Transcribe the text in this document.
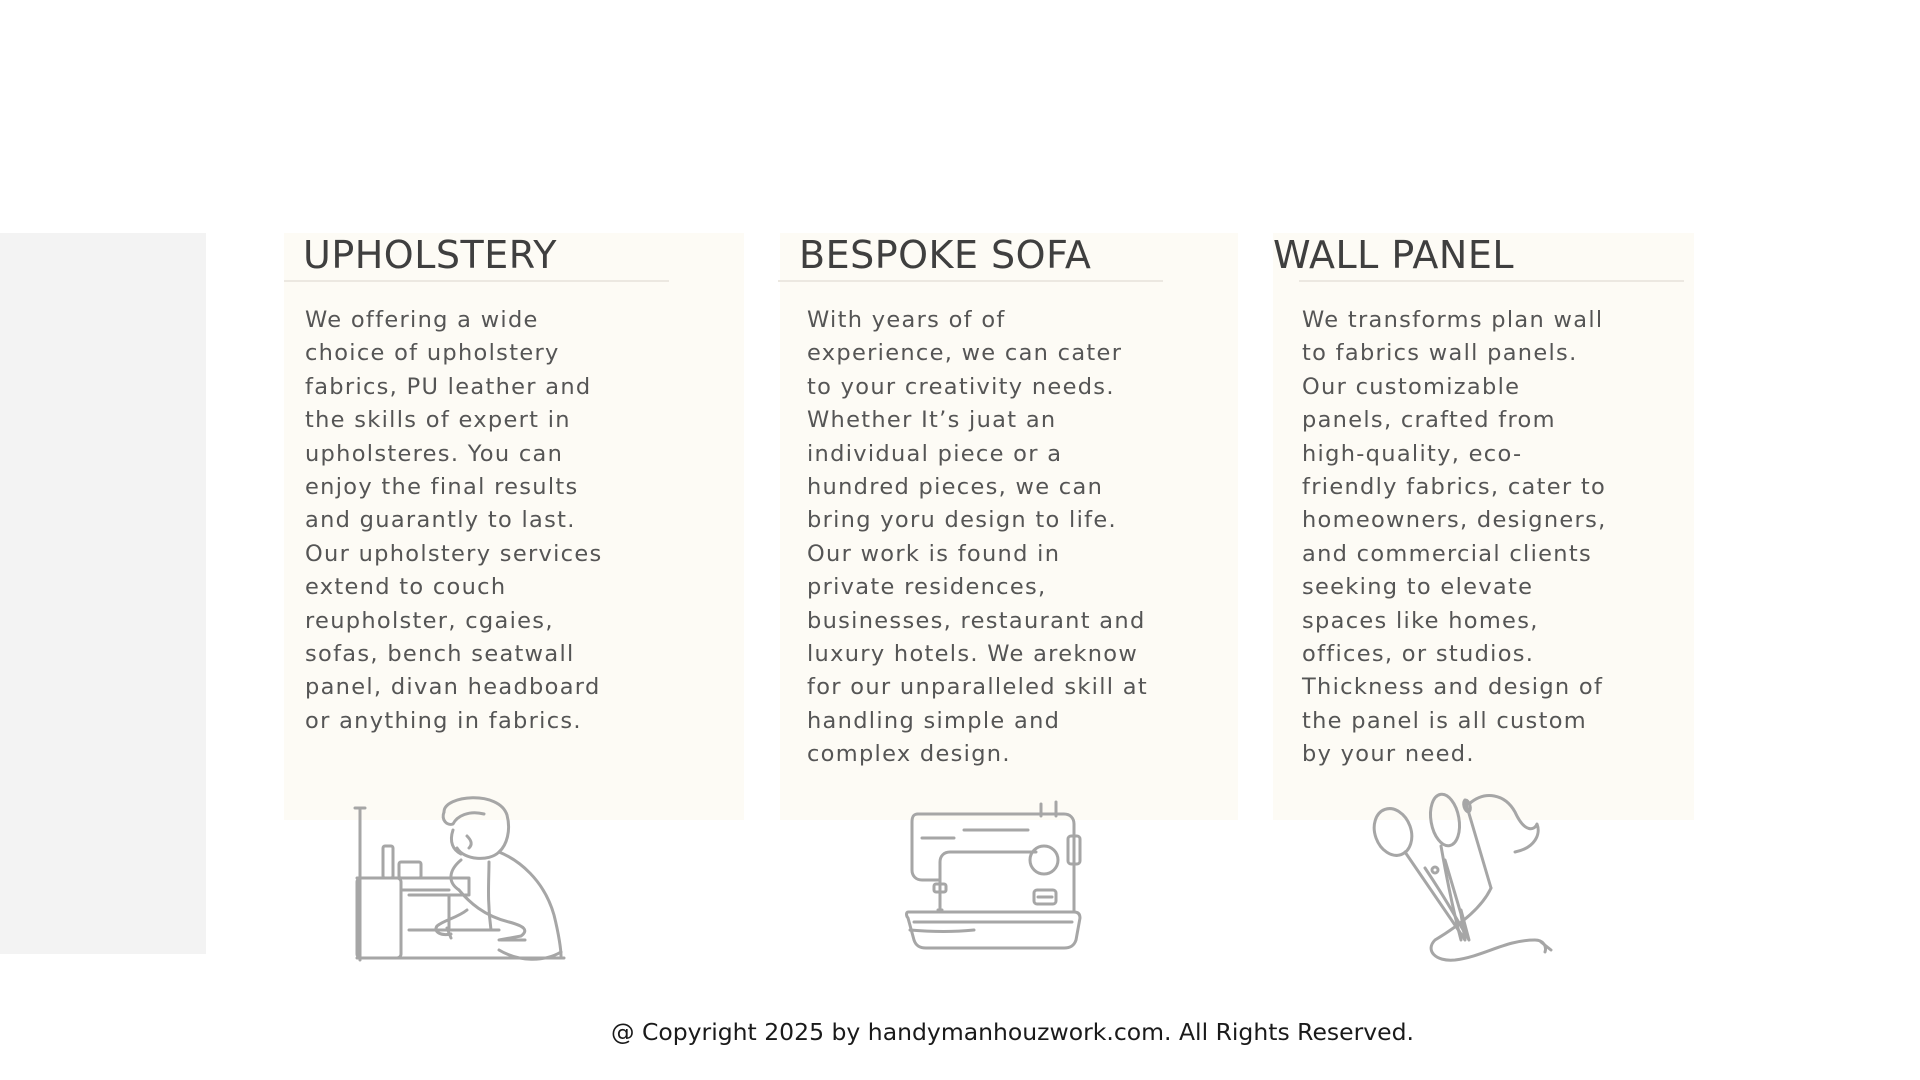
UPHOLSTERY

We offering a wide
choice of upholstery
fabrics, PU leather and
the skills of expert in
upholsteres. You can
enjoy the final results
and guarantly to last.
Our upholstery services
extend to couch
reupholster, cgaies,
sofas, bench seatwall
panel, divan headboard
or anything in fabrics.

BESPOKE SOFA

With years of of
experience, we can cater
to your creativity needs.
Whether It’s juat an
individual piece or a
hundred pieces, we can
bring yoru design to life.
Our work is found in
private residences,
businesses, restaurant and
luxury hotels. We areknow
for our unparalleled skill at
handling simple and
complex design.

WALL PANEL

We transforms plan wall
to fabrics wall panels.
Our customizable
panels, crafted from
high-quality, eco-
friendly fabrics, cater to
homeowners, designers,
and commercial clients
seeking to elevate
spaces like homes,
offices, or studios.
Thickness and design of
the panel is all custom
by your need.

@ Copyright 2025 by handymanhouzwork.com. All Rights Reserved.
